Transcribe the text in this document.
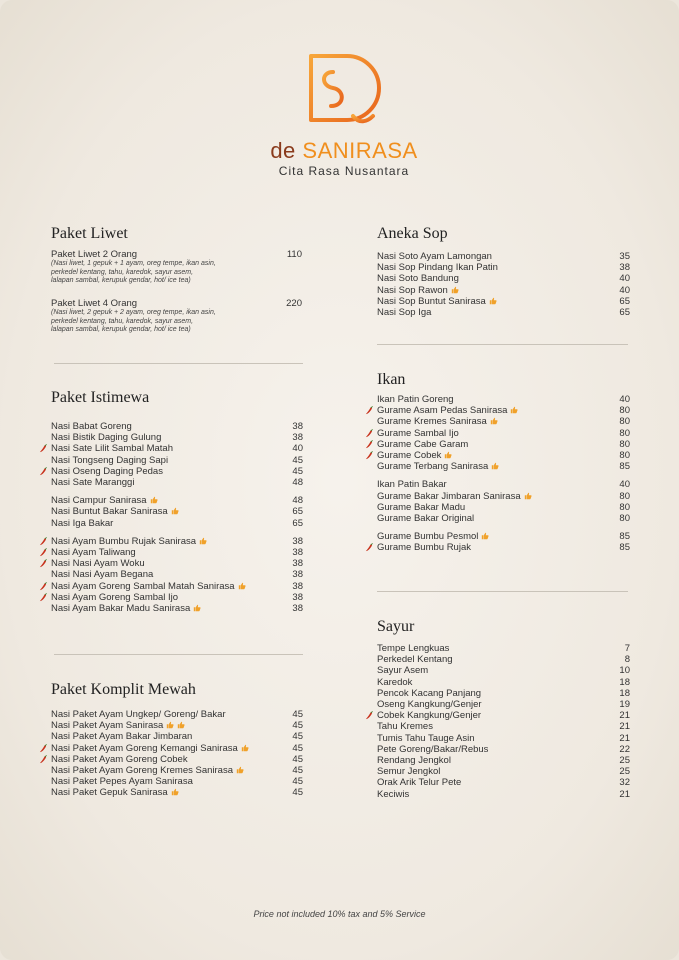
de SANIRASA
Cita Rasa Nusantara
Paket Liwet
Paket Liwet 2 Orang	110
(Nasi liwet, 1 gepuk + 1 ayam, oreg tempe, ikan asin,
perkedel kentang, tahu, karedok, sayur asem,
lalapan sambal, kerupuk gendar, hot/ ice tea)
Paket Liwet 4 Orang	220
(Nasi liwet, 2 gepuk + 2 ayam, oreg tempe, ikan asin,
perkedel kentang, tahu, karedok, sayur asem,
lalapan sambal, kerupuk gendar, hot/ ice tea)
Paket Istimewa
Nasi Babat Goreng	38
Nasi Bistik Daging Gulung	38
Nasi Sate Lilit Sambal Matah	40
Nasi Tongseng Daging Sapi	45
Nasi Oseng Daging Pedas	45
Nasi Sate Maranggi	48
Nasi Campur Sanirasa	48
Nasi Buntut Bakar Sanirasa	65
Nasi Iga Bakar	65
Nasi Ayam Bumbu Rujak Sanirasa	38
Nasi Ayam Taliwang	38
Nasi Nasi Ayam Woku	38
Nasi Nasi Ayam Begana	38
Nasi Ayam Goreng Sambal Matah Sanirasa	38
Nasi Ayam Goreng Sambal Ijo	38
Nasi Ayam Bakar Madu Sanirasa	38
Paket Komplit Mewah
Nasi Paket Ayam Ungkep/ Goreng/ Bakar	45
Nasi Paket Ayam Sanirasa	45
Nasi Paket Ayam Bakar Jimbaran	45
Nasi Paket Ayam Goreng Kemangi Sanirasa	45
Nasi Paket Ayam Goreng Cobek	45
Nasi Paket Ayam Goreng Kremes Sanirasa	45
Nasi Paket Pepes Ayam Sanirasa	45
Nasi Paket Gepuk Sanirasa	45
Aneka Sop
Nasi Soto Ayam Lamongan	35
Nasi Sop Pindang Ikan Patin	38
Nasi Soto Bandung	40
Nasi Sop Rawon	40
Nasi Sop Buntut Sanirasa	65
Nasi Sop Iga	65
Ikan
Ikan Patin Goreng	40
Gurame Asam Pedas Sanirasa	80
Gurame Kremes Sanirasa	80
Gurame Sambal Ijo	80
Gurame Cabe Garam	80
Gurame Cobek	80
Gurame Terbang Sanirasa	85
Ikan Patin Bakar	40
Gurame Bakar Jimbaran Sanirasa	80
Gurame Bakar Madu	80
Gurame Bakar Original	80
Gurame Bumbu Pesmol	85
Gurame Bumbu Rujak	85
Sayur
Tempe Lengkuas	7
Perkedel Kentang	8
Sayur Asem	10
Karedok	18
Pencok Kacang Panjang	18
Oseng Kangkung/Genjer	19
Cobek Kangkung/Genjer	21
Tahu Kremes	21
Tumis Tahu Tauge Asin	21
Pete Goreng/Bakar/Rebus	22
Rendang Jengkol	25
Semur Jengkol	25
Orak Arik Telur Pete	32
Keciwis	21
Price not included 10% tax and 5% Service
